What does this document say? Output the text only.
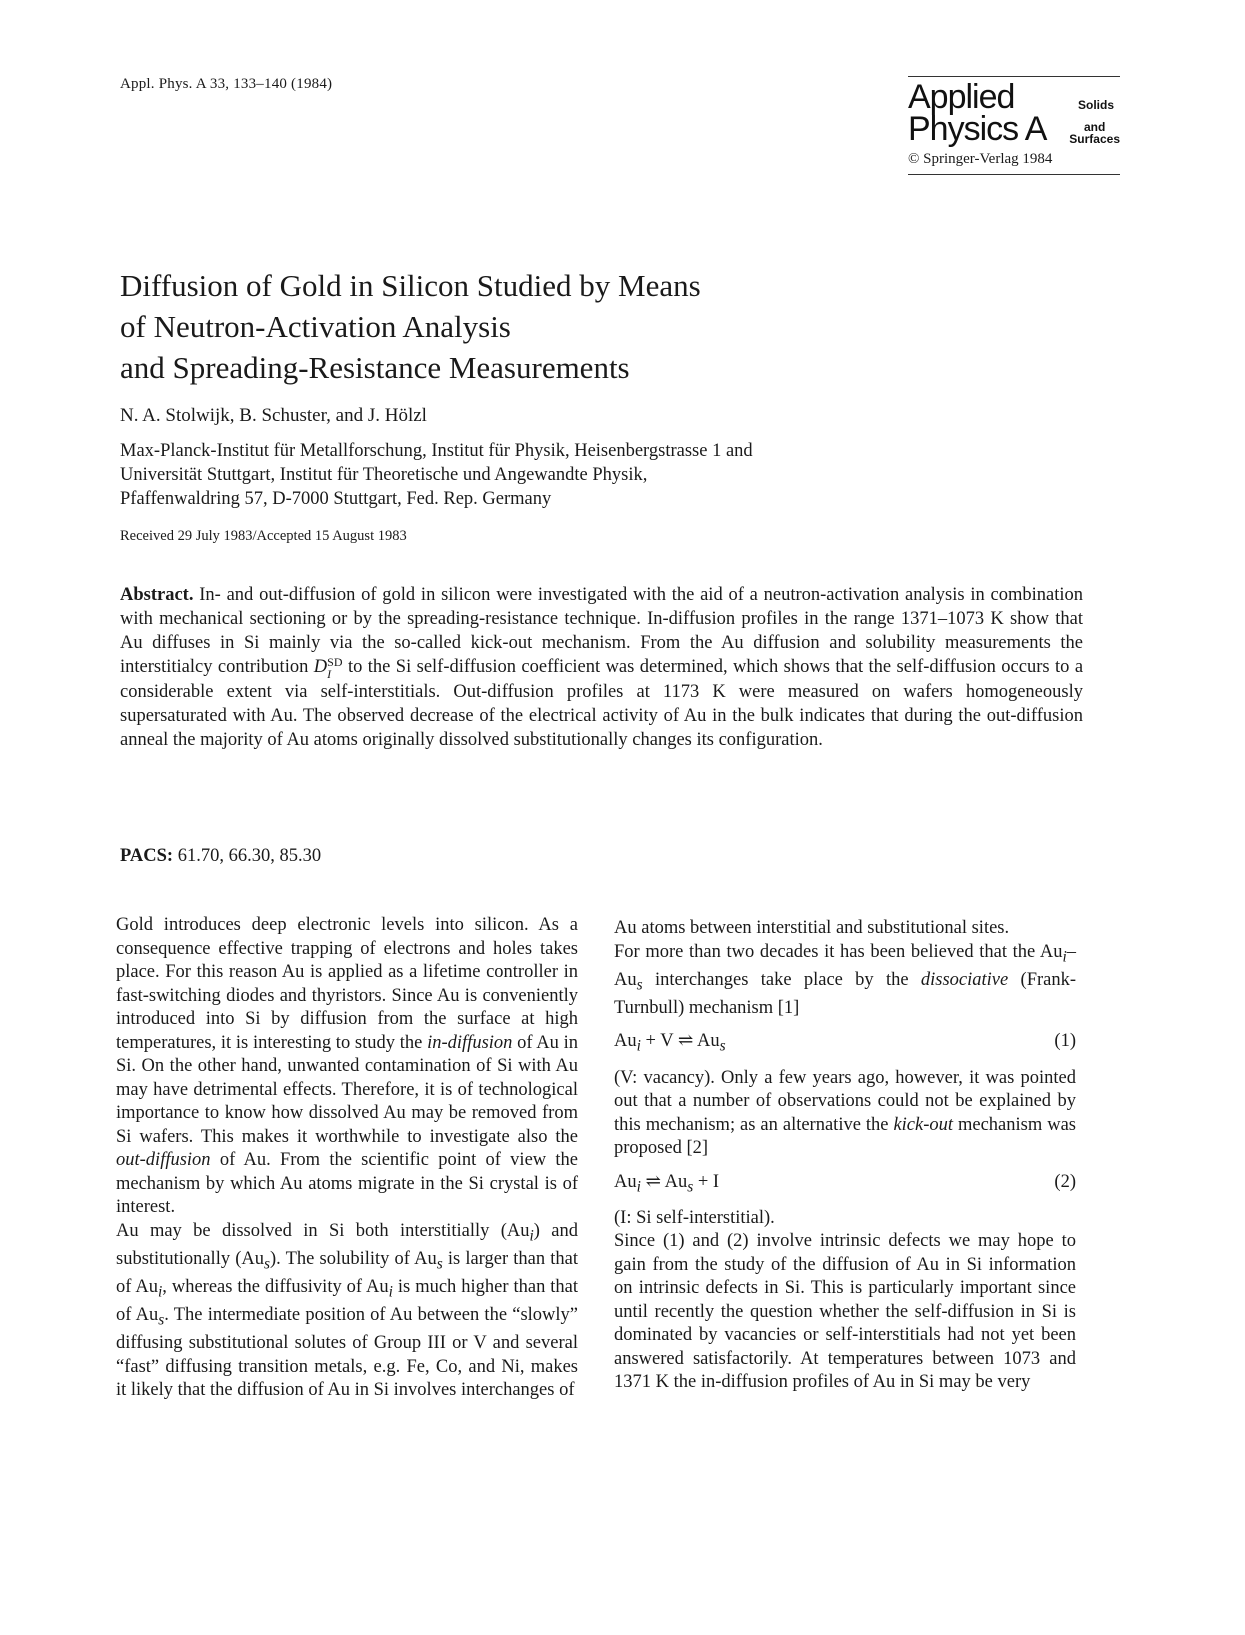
Appl. Phys. A 33, 133–140 (1984)	Applied	Solids
Physics A	and
Surfaces
© Springer-Verlag 1984
Diffusion of Gold in Silicon Studied by Means
of Neutron-Activation Analysis
and Spreading-Resistance Measurements
N. A. Stolwijk, B. Schuster, and J. Hölzl
Max-Planck-Institut für Metallforschung, Institut für Physik, Heisenbergstrasse 1 and
Universität Stuttgart, Institut für Theoretische und Angewandte Physik,
Pfaffenwaldring 57, D-7000 Stuttgart, Fed. Rep. Germany
Received 29 July 1983/Accepted 15 August 1983
Abstract. In- and out-diffusion of gold in silicon were investigated with the aid of a neutron-activation analysis in combination with mechanical sectioning or by the spreading-resistance technique. In-diffusion profiles in the range 1371–1073 K show that Au diffuses in Si mainly via the so-called kick-out mechanism. From the Au diffusion and solubility measurements the interstitialcy contribution D SD
I to the Si self-diffusion coefficient was determined, which shows that the self-diffusion occurs to a considerable extent via self-interstitials. Out-diffusion profiles at 1173 K were measured on wafers homogeneously supersaturated with Au. The observed decrease of the electrical activity of Au in the bulk indicates that during the out-diffusion anneal the majority of Au atoms originally dissolved substitutionally changes its configuration.
PACS: 61.70, 66.30, 85.30

Gold introduces deep electronic levels into silicon. As a consequence effective trapping of electrons and holes takes place. For this reason Au is applied as a lifetime controller in fast-switching diodes and thyristors. Since Au is conveniently introduced into Si by diffusion from the surface at high temperatures, it is interesting to study the in-diffusion of Au in Si. On the other hand, unwanted contamination of Si with Au may have detrimental effects. Therefore, it is of technological importance to know how dissolved Au may be removed from Si wafers. This makes it worthwhile to investigate also the out-diffusion of Au. From the scientific point of view the mechanism by which Au atoms migrate in the Si crystal is of interest.

Au may be dissolved in Si both interstitially $(Au_i)$ and substitutionally $(Au_s)$. The solubility of $Au_s$ is larger than that of $Au_i$, whereas the diffusivity of $Au_i$ is much higher than that of $Au_s$. The intermediate position of Au between the “slowly” diffusing substitutional solutes of Group III or V and several “fast” diffusing transition metals, e.g. Fe, Co, and Ni, makes it likely that the diffusion of Au in Si involves interchanges of

Au atoms between interstitial and substitutional sites.

For more than two decades it has been believed that the $Au_i-Au_s$ interchanges take place by the dissociative (Frank-Turnbull) mechanism [1]

$Au_i + V$ ⇌ $Au_s$	(1)

(V: vacancy). Only a few years ago, however, it was pointed out that a number of observations could not be explained by this mechanism; as an alternative the kick-out mechanism was proposed [2]

$Au_i$ ⇌ $Au_s + I$	(2)

(I: Si self-interstitial).

Since (1) and (2) involve intrinsic defects we may hope to gain from the study of the diffusion of Au in Si information on intrinsic defects in Si. This is particularly important since until recently the question whether the self-diffusion in Si is dominated by vacancies or self-interstitials had not yet been answered satisfactorily. At temperatures between 1073 and 1371 K the in-diffusion profiles of Au in Si may be very
